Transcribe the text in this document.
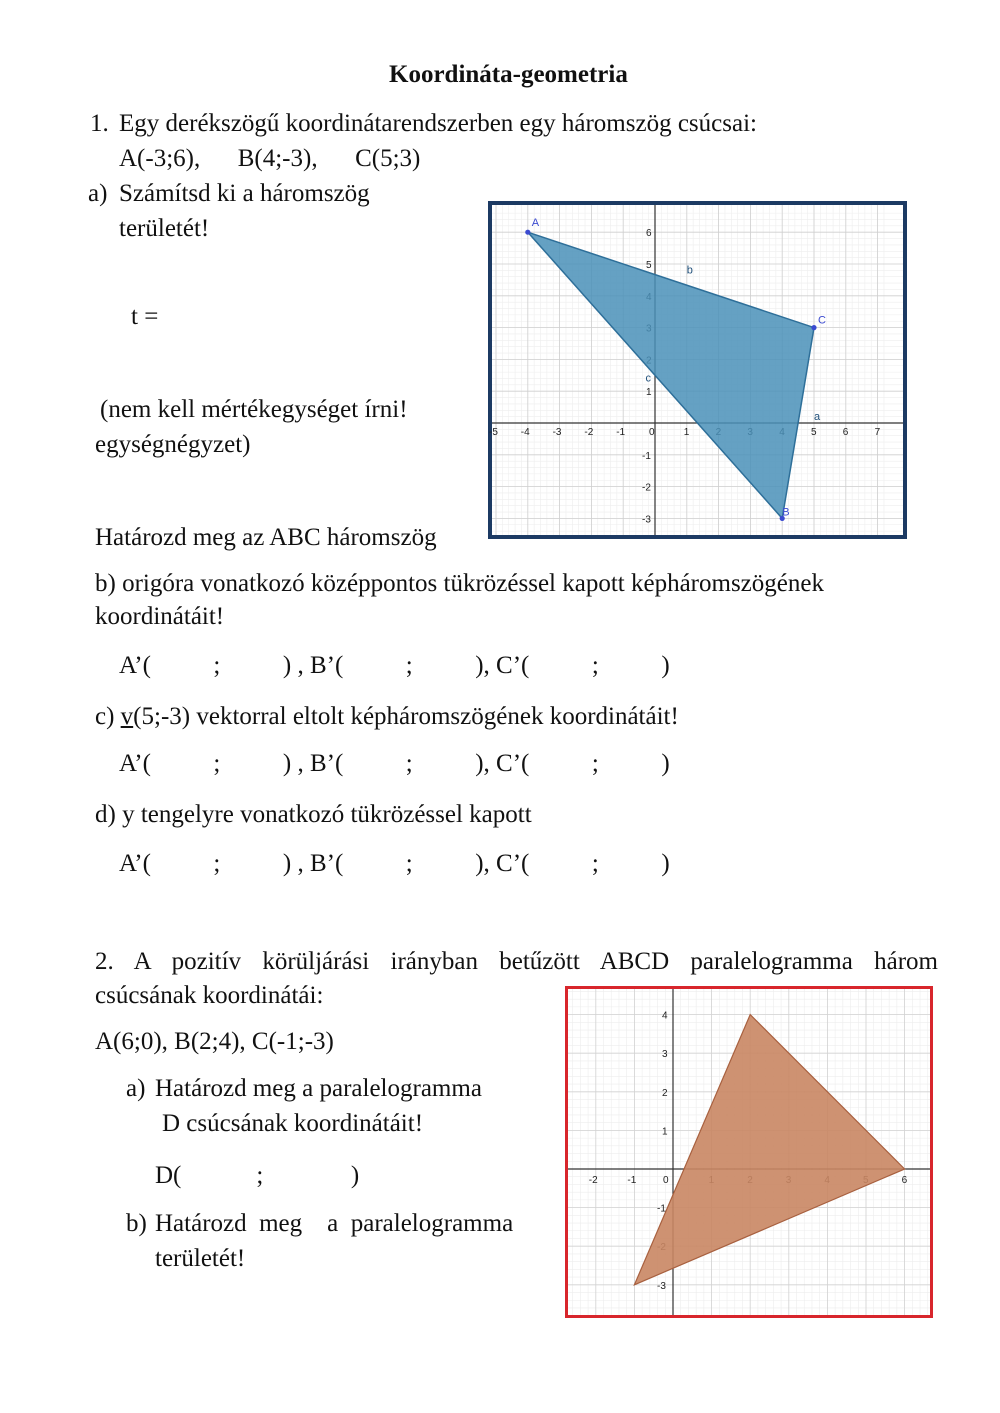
Koordináta-geometria
1. Egy derékszögű koordinátarendszerben egy háromszög csúcsai:
A(-3;6),      B(4;-3),      C(5;3)
a) Számítsd ki a háromszög
területét!
t =
(nem kell mértékegységet írni!
egységnégyzet)
Határozd meg az ABC háromszög
b) origóra vonatkozó középpontos tükrözéssel kapott képháromszögének
koordinátáit!
A’(          ;          ) , B’(          ;          ), C’(          ;          )
c) v(5;-3) vektorral eltolt képháromszögének koordinátáit!
A’(          ;          ) , B’(          ;          ), C’(          ;          )
d) y tengelyre vonatkozó tükrözéssel kapott
A’(          ;          ) , B’(          ;          ), C’(          ;          )
-5 -4 -3 -2 -1 0	1	5	6	7
-3
-2
-1
1
5
6
A
B
C
a
b
c
2. A pozitív körüljárási irányban betűzött ABCD paralelogramma három
csúcsának koordinátái:
A(6;0), B(2;4), C(-1;-3)
a) Határozd meg a paralelogramma
D csúcsának koordinátáit!
D(            ;              )
b) Határozd  meg    a  paralelogramma
területét!
-2	-1	6
-3
-1
1
2
3
4
0
